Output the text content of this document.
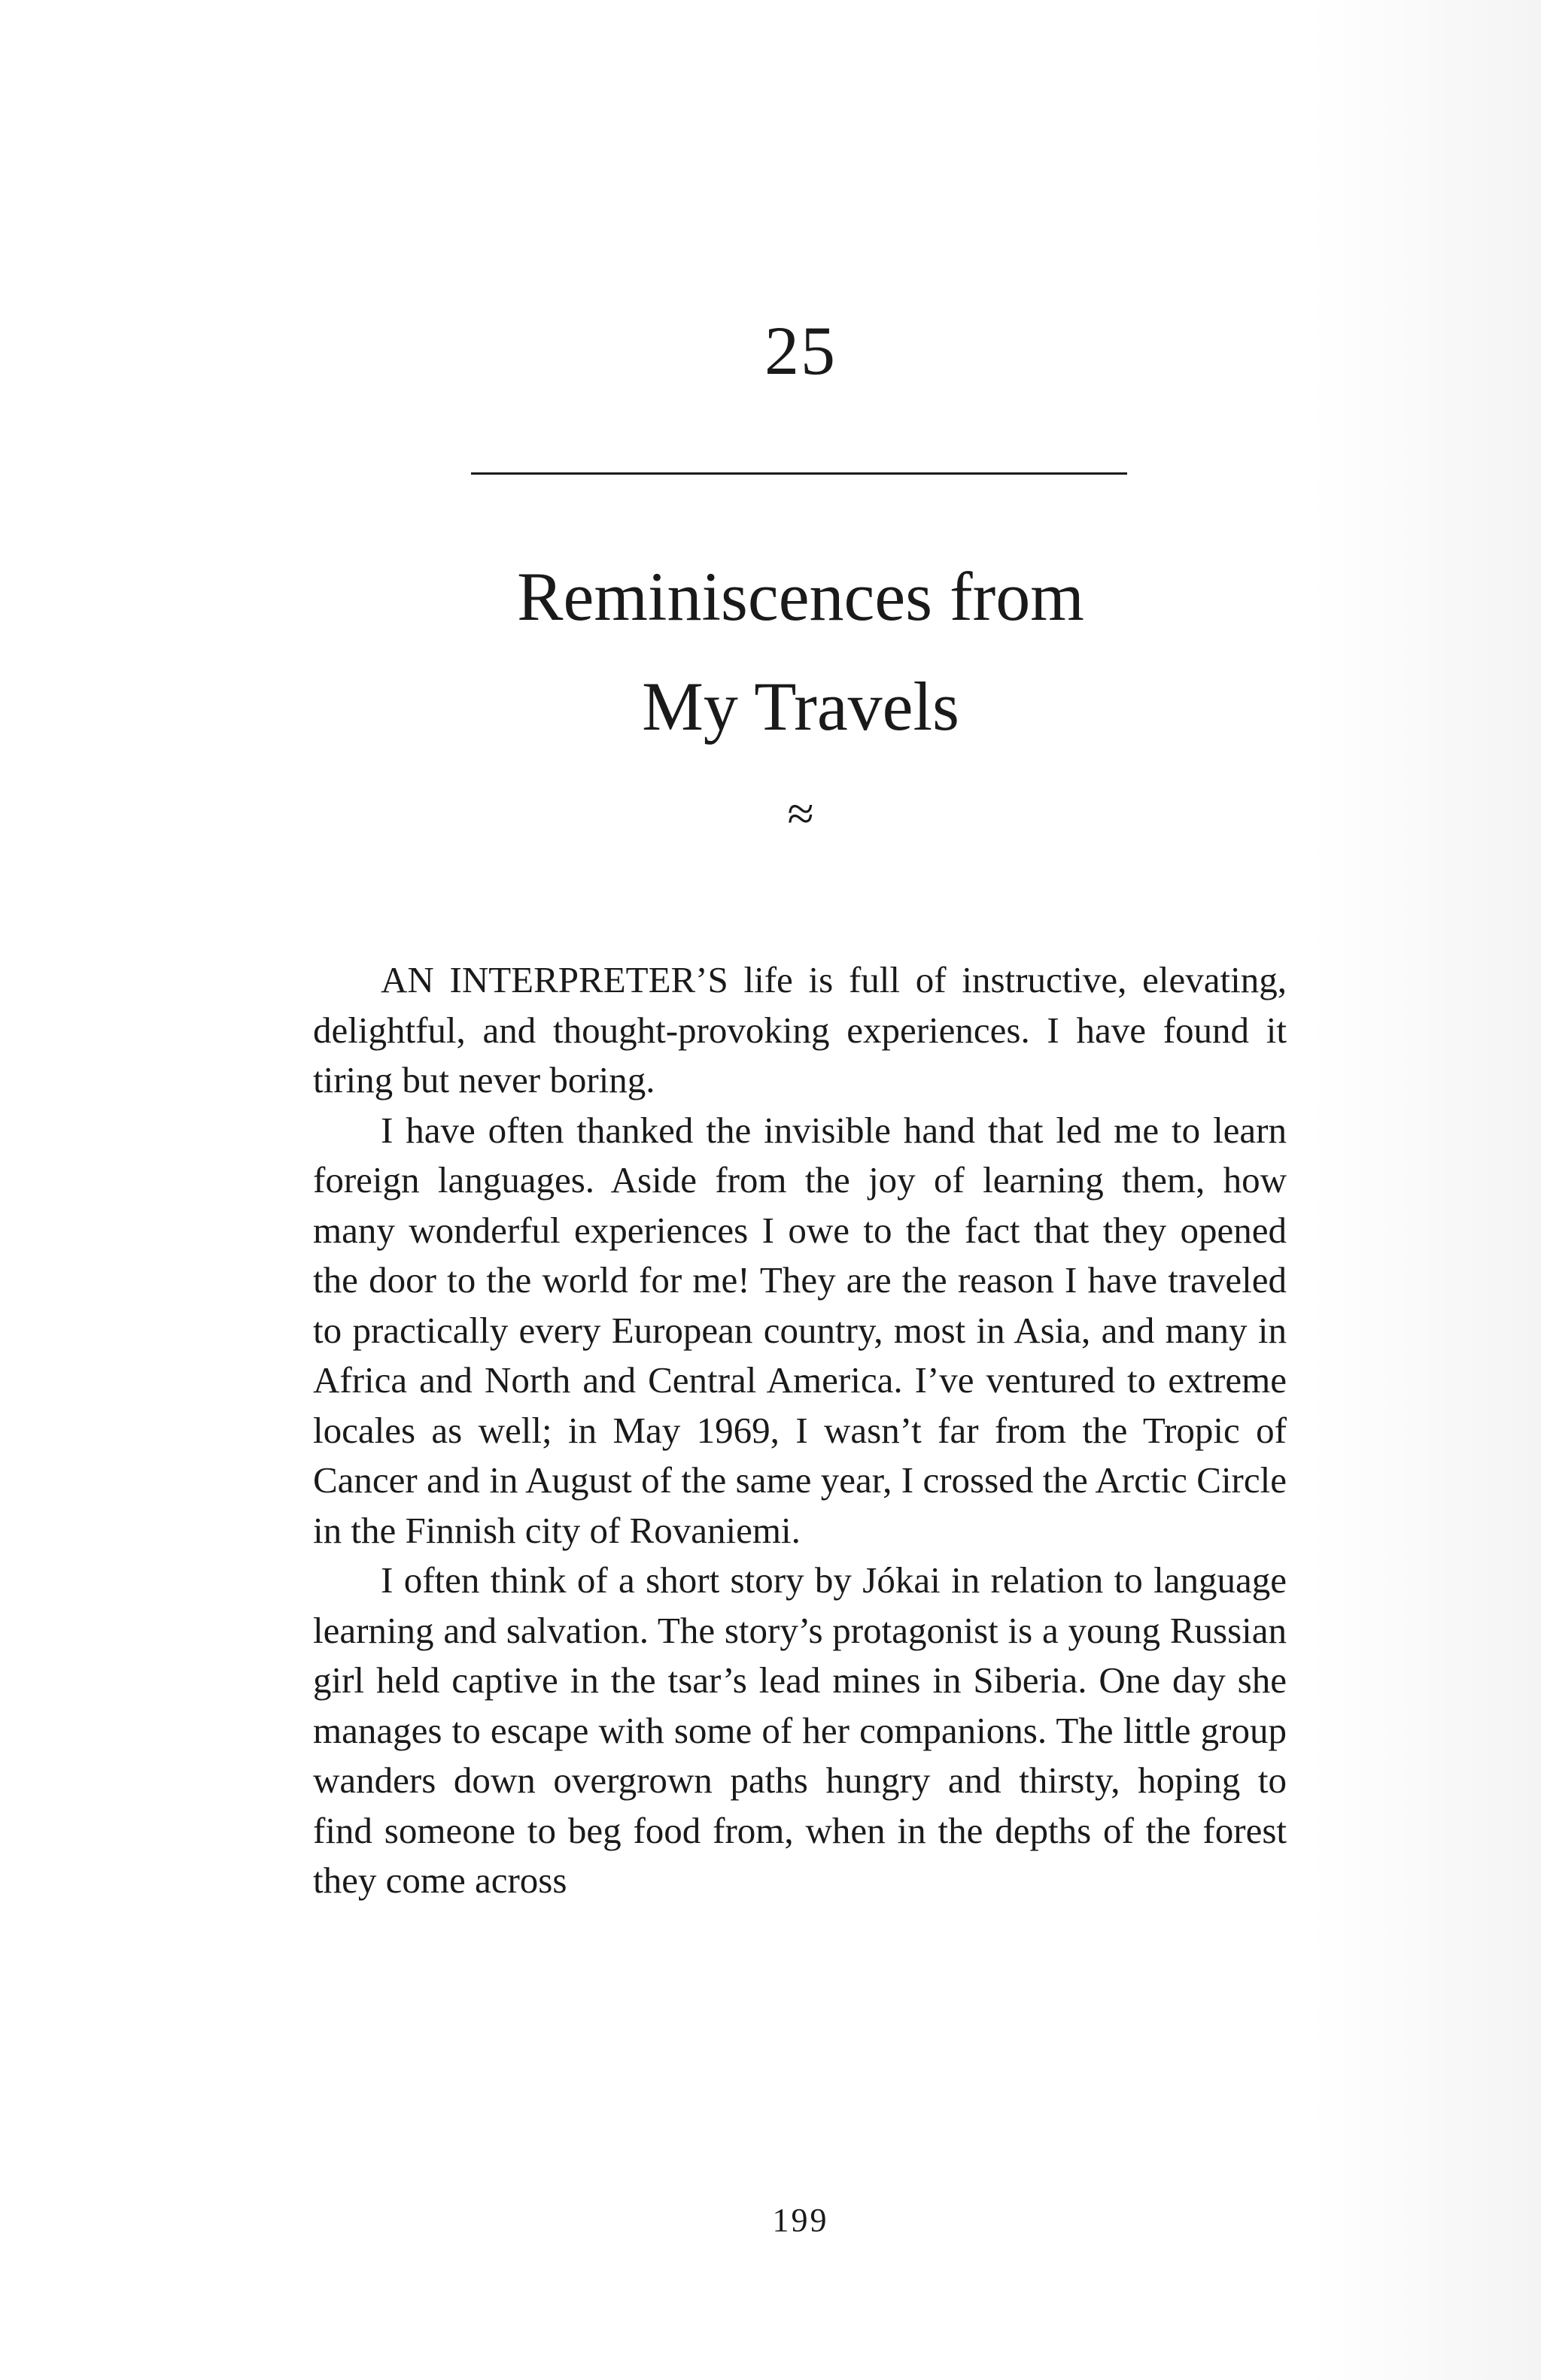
25
Reminiscences from
My Travels
≈

AN INTERPRETER’S life is full of instructive, elevating, delightful, and thought-provoking experiences. I have found it tiring but never boring.

I have often thanked the invisible hand that led me to learn foreign languages. Aside from the joy of learning them, how many wonderful experiences I owe to the fact that they opened the door to the world for me! They are the reason I have traveled to practically every European country, most in Asia, and many in Africa and North and Central America. I’ve ventured to extreme locales as well; in May 1969, I wasn’t far from the Tropic of Cancer and in August of the same year, I crossed the Arctic Circle in the Finnish city of Rovaniemi.

I often think of a short story by Jókai in relation to language learning and salvation. The story’s protagonist is a young Russian girl held captive in the tsar’s lead mines in Siberia. One day she manages to escape with some of her companions. The little group wanders down overgrown paths hungry and thirsty, hoping to find someone to beg food from, when in the depths of the forest they come across

199
